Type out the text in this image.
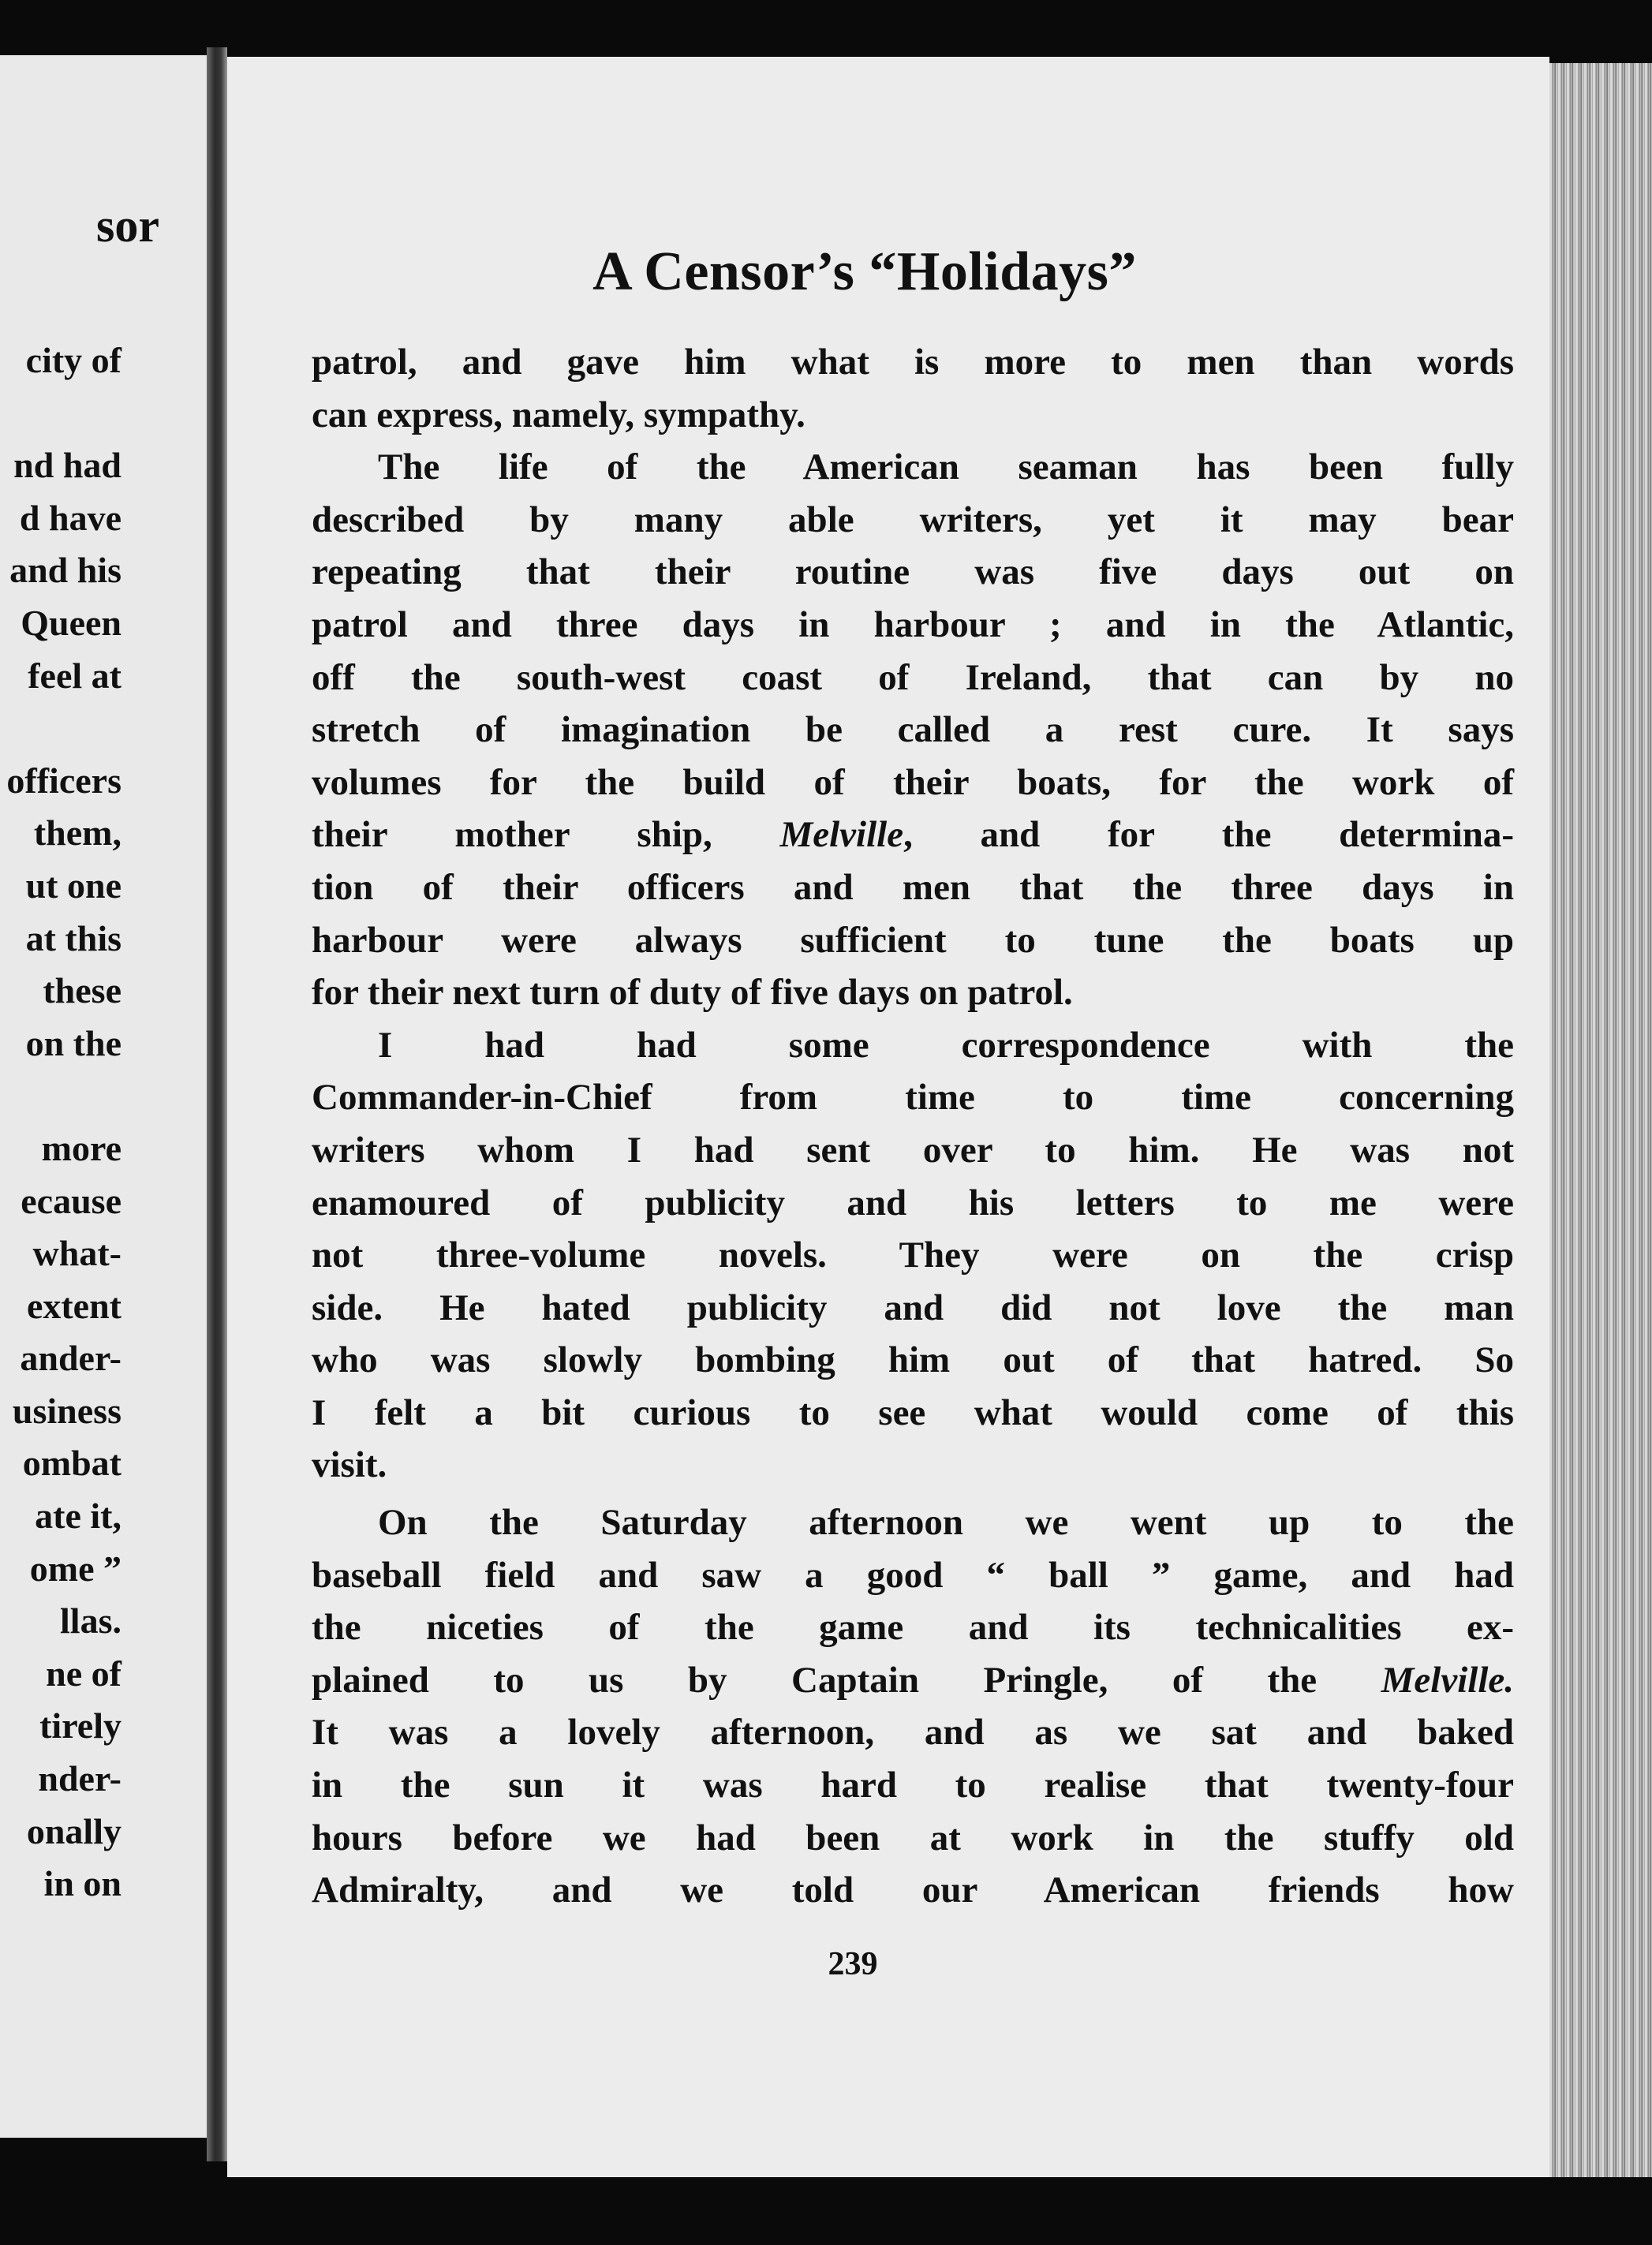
sor
city of
nd had
d have
and his
Queen
feel at
officers
them,
ut one
at this
these
on the
more
ecause
what-
extent
ander-
usiness
ombat
ate it,
ome ”
llas.
ne of
tirely
nder-
onally
in on
A Censor’s “Holidays”
patrol, and gave him what is more to men than words
can express, namely, sympathy.
The life of the American seaman has been fully
described by many able writers, yet it may bear
repeating that their routine was five days out on
patrol and three days in harbour ; and in the Atlantic,
off the south-west coast of Ireland, that can by no
stretch of imagination be called a rest cure. It says
volumes for the build of their boats, for the work of
their mother ship, Melville, and for the determina-
tion of their officers and men that the three days in
harbour were always sufficient to tune the boats up
for their next turn of duty of five days on patrol.
I had had some correspondence with the
Commander-in-Chief from time to time concerning
writers whom I had sent over to him. He was not
enamoured of publicity and his letters to me were
not three-volume novels. They were on the crisp
side. He hated publicity and did not love the man
who was slowly bombing him out of that hatred. So
I felt a bit curious to see what would come of this
visit.
On the Saturday afternoon we went up to the
baseball field and saw a good “ ball ” game, and had
the niceties of the game and its technicalities ex-
plained to us by Captain Pringle, of the Melville.
It was a lovely afternoon, and as we sat and baked
in the sun it was hard to realise that twenty-four
hours before we had been at work in the stuffy old
Admiralty, and we told our American friends how
239
